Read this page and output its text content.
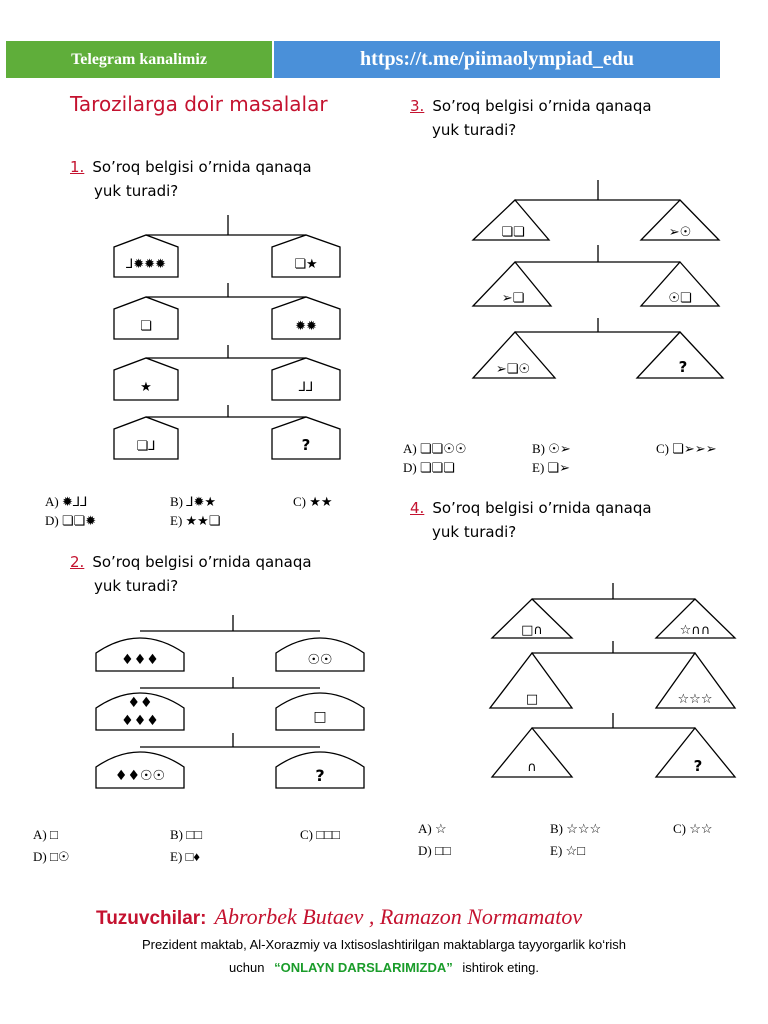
Telegram kanalimiz	https://t.me/piimaolympiad_edu
Tarozilarga doir masalalar
1. So’roq belgisi o’rnida qanaqa
yuk turadi?
⅃✹✹✹	❏★
❏	✹✹
★	⅃⅃
❏⅃	?
A) ✹⅃⅃	B) ⅃✹★	C) ★★
D) ❏❏✹	E) ★★❏
2. So’roq belgisi o’rnida qanaqa
yuk turadi?
♦♦♦	☉☉
♦♦
♦♦♦	□
♦♦☉☉	?
A) □	B) □□	C) □□□
D) □☉	E) □♦
3. So’roq belgisi o’rnida qanaqa
yuk turadi?
❏❏	➢☉
➢❏	☉❏
➢❏☉	?
A) ❏❏☉☉	B) ☉➢	C) ❏➢➢➢
D) ❏❏❏	E) ❏➢
4. So’roq belgisi o’rnida qanaqa
yuk turadi?
□∩	☆∩∩
□	☆☆☆
∩	?
A) ☆	B) ☆☆☆	C) ☆☆
D) □□	E) ☆□
Tuzuvchilar: Abrorbek Butaev , Ramazon Normamatov
Prezident maktab, Al-Xorazmiy va Ixtisoslashtirilgan maktablarga tayyorgarlik ko‘rish
uchun “ONLAYN DARSLARIMIZDA” ishtirok eting.
